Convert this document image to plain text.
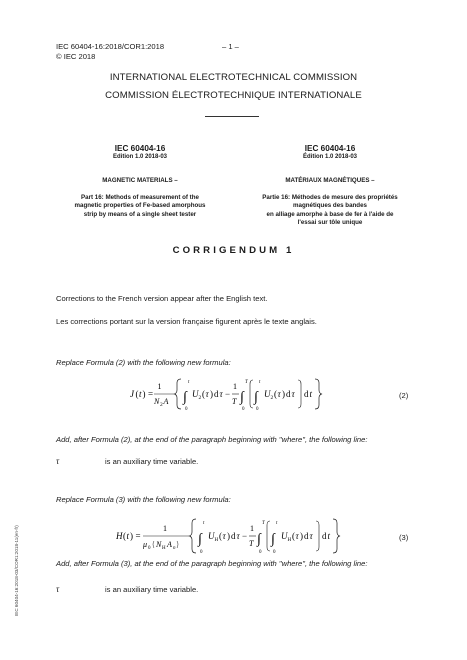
IEC 60404-16:2018/COR1:2018
© IEC 2018
– 1 –
INTERNATIONAL ELECTROTECHNICAL COMMISSION
COMMISSION ÉLECTROTECHNIQUE INTERNATIONALE
IEC 60404-16
Edition 1.0 2018-03
MAGNETIC MATERIALS –
Part 16: Methods of measurement of the
magnetic properties of Fe-based amorphous
strip by means of a single sheet tester
IEC 60404-16
Édition 1.0 2018-03
MATÉRIAUX MAGNÉTIQUES –
Partie 16: Méthodes de mesure des propriétés
magnétiques des bandes
en alliage amorphe à base de fer à l'aide de
l'essai sur tôle unique
CORRIGENDUM 1
Corrections to the French version appear after the English text.
Les corrections portant sur la version française figurent après le texte anglais.
Replace Formula (2) with the following new formula:
J ( t ) =
1
N 2 A ∫
t
0
U 2 ( τ ) d τ −
1
T ∫
T
0
∫
t
0
U 2 ( τ ) d τ d t	(2)
Add, after Formula (2), at the end of the paragraph beginning with "where", the following line:
τ	is an auxiliary time variable.
Replace Formula (3) with the following new formula:
H ( t ) =
1
μ 0 N H A n
∫
t
0
U H ( τ ) d τ −
1
T ∫
T
0
∫
t
0
U H ( τ ) d τ d t	(3)
Add, after Formula (3), at the end of the paragraph beginning with "where", the following line:
τ	is an auxiliary time variable.
IEC 60404-16:2018-03/COR1:2018-11(en-fr)
